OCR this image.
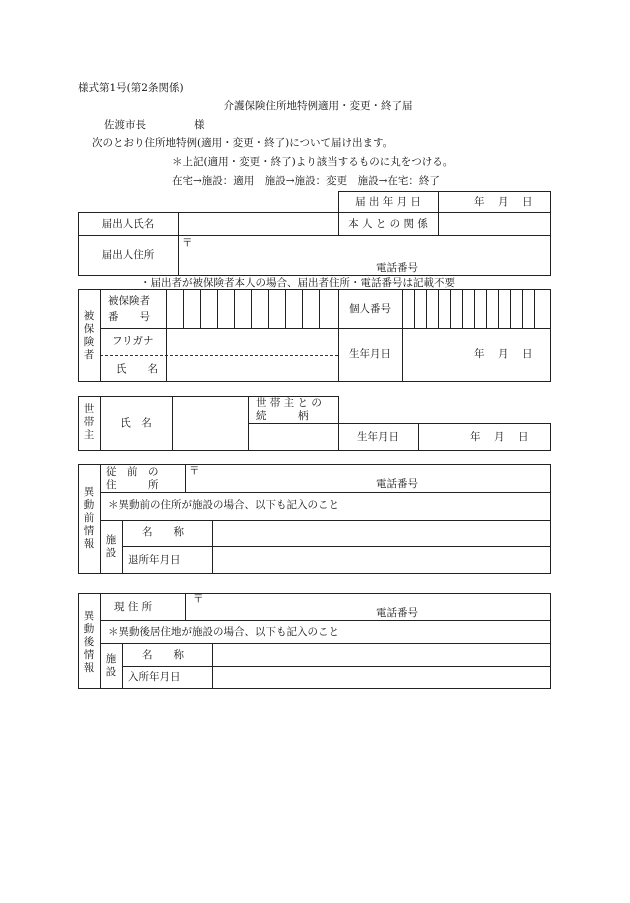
様式第1号(第2条関係)
介護保険住所地特例適用・変更・終了届
佐渡市長	様
次のとおり住所地特例(適用・変更・終了)について届け出ます。
＊上記(適用・変更・終了)より該当するものに丸をつける。
在宅→施設：適用　施設→施設：変更　施設→在宅：終了
届 出 年 月 日	年 月 日
届出人氏名	本 人 と の 関 係
届出人住所
〒
電話番号
・届出者が被保険者本人の場合、届出者住所・電話番号は記載不要
被保険者
被保険者
番　　号
個人番号
フリガナ
氏　　名
生年月日	年 月 日
世帯主
氏　名
世 帯 主 と の
続　　　柄
生年月日	年 月 日
異動前情報
従　前　の
住　　　所
〒
電話番号
＊異動前の住所が施設の場合、以下も記入のこと
施設
名　　称
退所年月日
異動後情報
現 住 所
〒
電話番号
＊異動後居住地が施設の場合、以下も記入のこと
施設
名　　称
入所年月日
